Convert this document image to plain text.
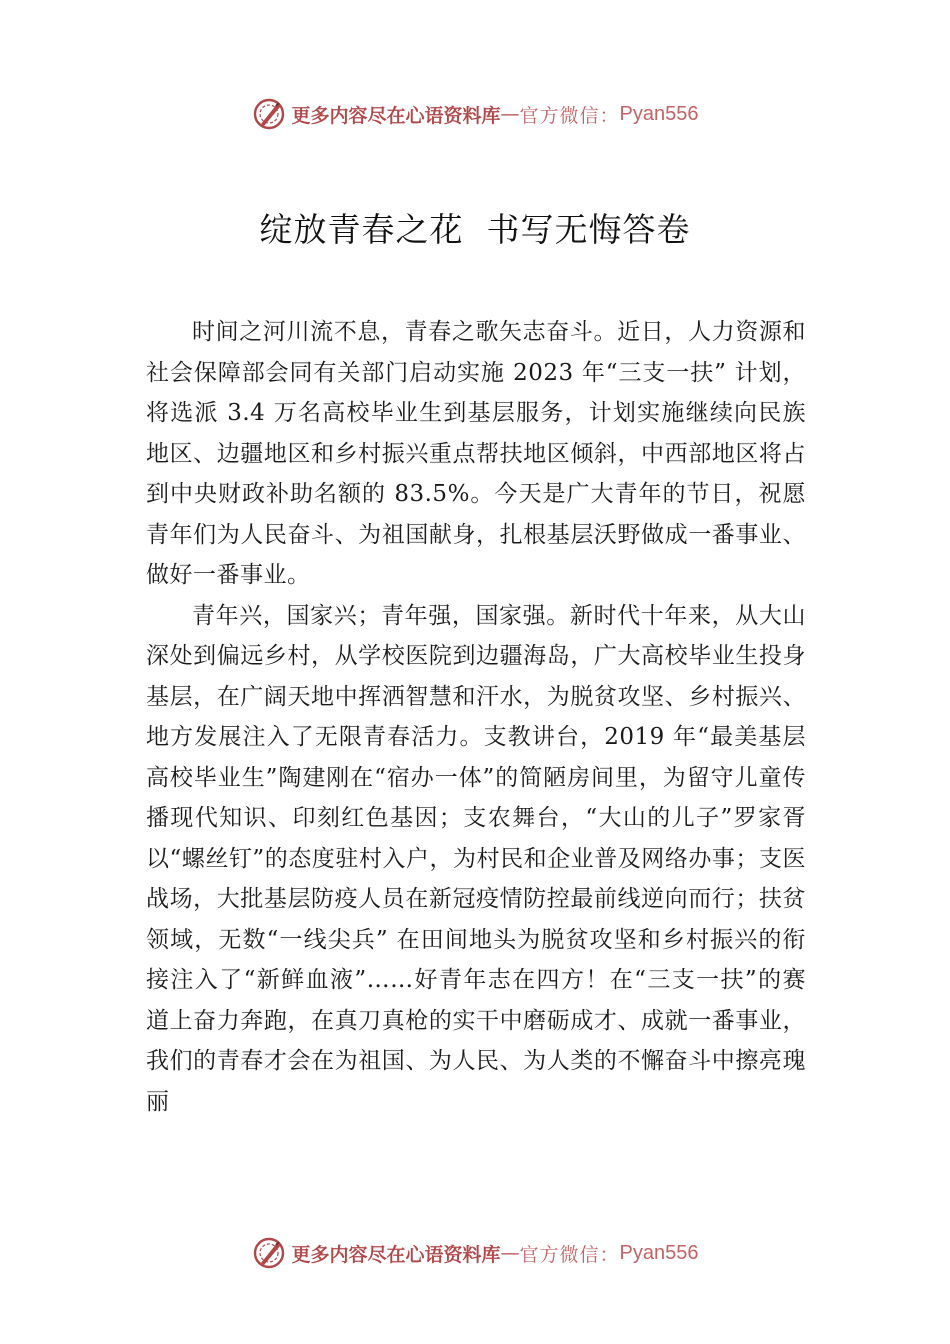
更多内容尽在心语资料库 — 官方微信： Pyan556
绽放青春之花  书写无悔答卷

时间之河川流不息，青春之歌矢志奋斗。近日，人力资源和社会保障部会同有关部门启动实施 2023 年“三支一扶” 计划，将选派 3.4 万名高校毕业生到基层服务，计划实施继续向民族地区、边疆地区和乡村振兴重点帮扶地区倾斜，中西部地区将占到中央财政补助名额的 83.5%。今天是广大青年的节日，祝愿青年们为人民奋斗、为祖国献身，扎根基层沃野做成一番事业、做好一番事业。

青年兴，国家兴；青年强，国家强。新时代十年来，从大山深处到偏远乡村，从学校医院到边疆海岛，广大高校毕业生投身基层，在广阔天地中挥洒智慧和汗水，为脱贫攻坚、乡村振兴、地方发展注入了无限青春活力。支教讲台，2019 年“最美基层高校毕业生”陶建刚在“宿办一体”的简陋房间里，为留守儿童传播现代知识、印刻红色基因；支农舞台，“大山的儿子”罗家胥以“螺丝钉”的态度驻村入户，为村民和企业普及网络办事；支医战场，大批基层防疫人员在新冠疫情防控最前线逆向而行；扶贫领域，无数“一线尖兵” 在田间地头为脱贫攻坚和乡村振兴的衔接注入了“新鲜血液”……好青年志在四方！在“三支一扶”的赛道上奋力奔跑，在真刀真枪的实干中磨砺成才、成就一番事业，我们的青春才会在为祖国、为人民、为人类的不懈奋斗中擦亮瑰丽

更多内容尽在心语资料库 — 官方微信： Pyan556
